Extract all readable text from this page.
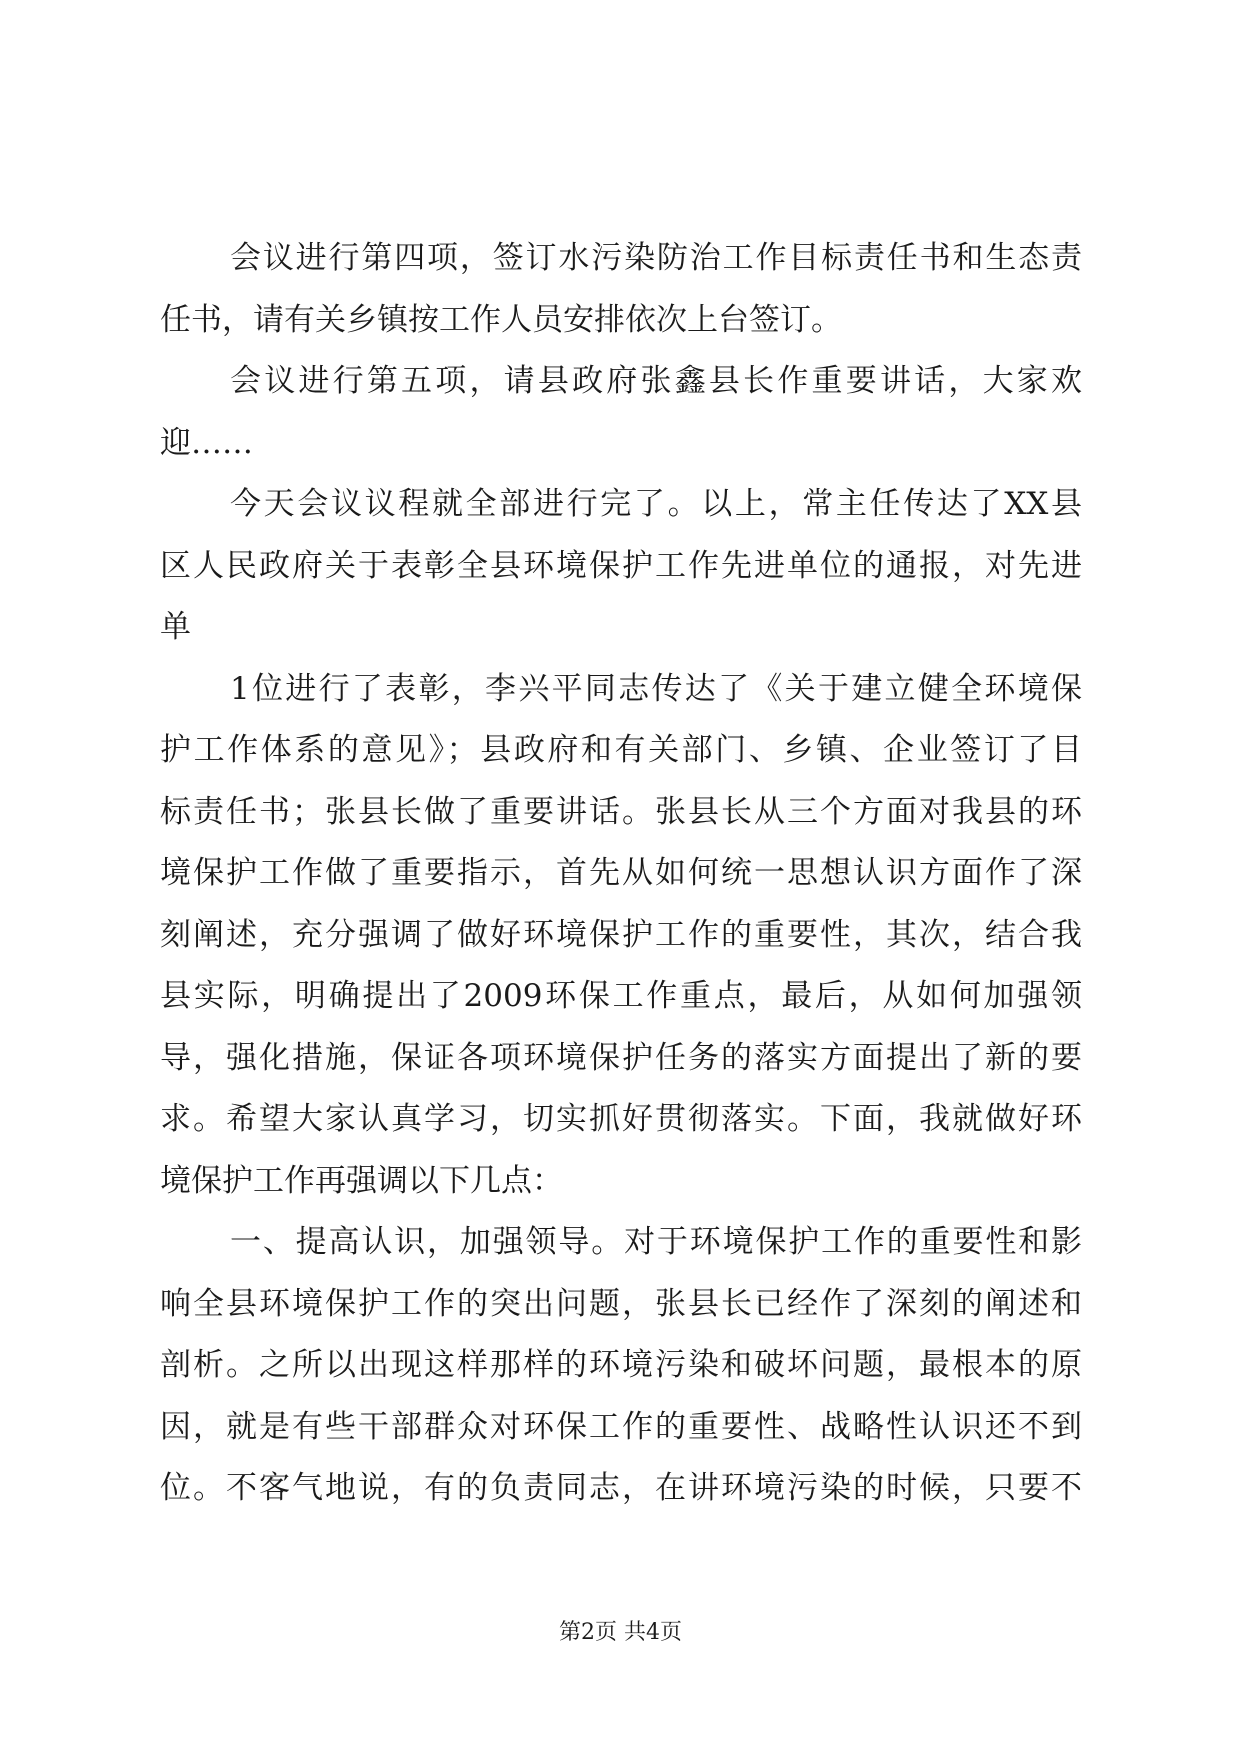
会议进行第四项，签订水污染防治工作目标责任书和生态责
任书，请有关乡镇按工作人员安排依次上台签订。
会议进行第五项，请县政府张鑫县长作重要讲话，大家欢
迎……
今天会议议程就全部进行完了。以上，常主任传达了XX县
区人民政府关于表彰全县环境保护工作先进单位的通报，对先进
单
1位进行了表彰，李兴平同志传达了《关于建立健全环境保
护工作体系的意见》；县政府和有关部门、乡镇、企业签订了目
标责任书；张县长做了重要讲话。张县长从三个方面对我县的环
境保护工作做了重要指示，首先从如何统一思想认识方面作了深
刻阐述，充分强调了做好环境保护工作的重要性，其次，结合我
县实际，明确提出了2009环保工作重点，最后，从如何加强领
导，强化措施，保证各项环境保护任务的落实方面提出了新的要
求。希望大家认真学习，切实抓好贯彻落实。下面，我就做好环
境保护工作再强调以下几点：
一、提高认识，加强领导。对于环境保护工作的重要性和影
响全县环境保护工作的突出问题，张县长已经作了深刻的阐述和
剖析。之所以出现这样那样的环境污染和破坏问题，最根本的原
因，就是有些干部群众对环保工作的重要性、战略性认识还不到
位。不客气地说，有的负责同志，在讲环境污染的时候，只要不
第2页 共4页
